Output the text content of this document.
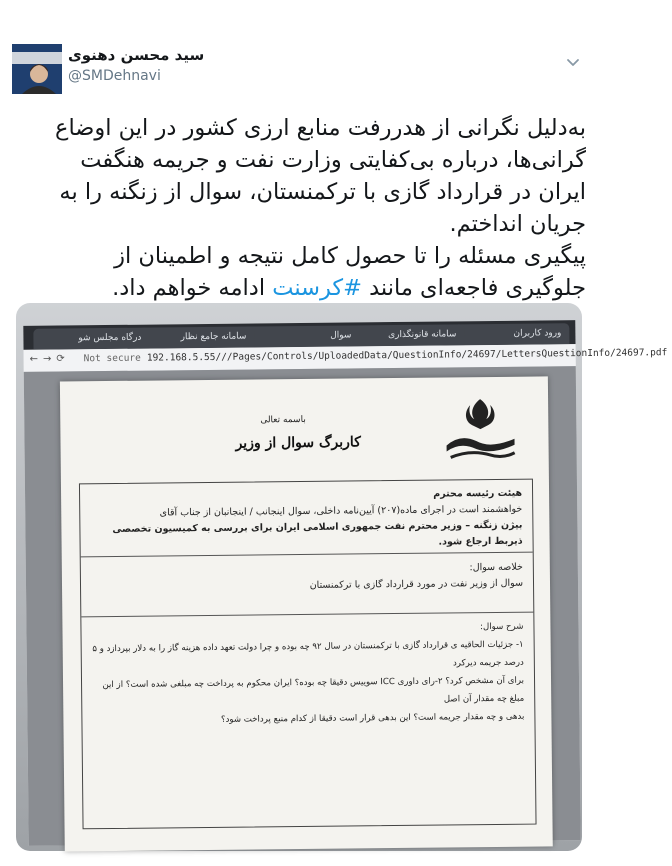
سید محسن دهنوی
@SMDehnavi

به‌دلیل نگرانی از هدررفت منابع ارزی کشور در این اوضاع گرانی‌ها، درباره بی‌کفایتی وزارت نفت و جریمه هنگفت ایران در قرارداد گازی با ترکمنستان، سوال از زنگنه را به جریان انداختم.

پیگیری مسئله را تا حصول کامل نتیجه و اطمینان از جلوگیری فاجعه‌ای مانند #کرسنت ادامه خواهم داد.

ورود کاربران
سامانه قانونگذاری
سوال
سامانه جامع نظار
درگاه مجلس شو
←→⟳ Not secure 192.168.5.55///Pages/Controls/UploadedData/QuestionInfo/24697/LettersQuestionInfo/24697.pdf
باسمه تعالی
کاربرگ سوال از وزیر
هیئت رئیسه محترم
خواهشمند است در اجرای ماده(۲۰۷) آیین‌نامه داخلی، سوال اینجانب / اینجانبان از جناب آقای
بیژن زنگنه – وزیر محترم نفت جمهوری اسلامی ایران برای بررسی به کمیسیون تخصصی ذیربط ارجاع شود.
خلاصه سوال:
سوال از وزیر نفت در مورد قرارداد گازی با ترکمنستان
شرح سوال:
۱- جزئیات الحاقیه ی قرارداد گازی با ترکمنستان در سال ۹۲ چه بوده و چرا دولت تعهد داده هزینه گاز را به دلار بپردازد و ۵ درصد جریمه دیرکرد
برای آن مشخص کرد؟ ۲-رای داوری ICC سوییس دقیقا چه بوده؟ ایران محکوم به پرداخت چه مبلغی شده است؟ از این مبلغ چه مقدار آن اصل
بدهی و چه مقدار جریمه است؟ این بدهی قرار است دقیقا از کدام منبع پرداخت شود؟
